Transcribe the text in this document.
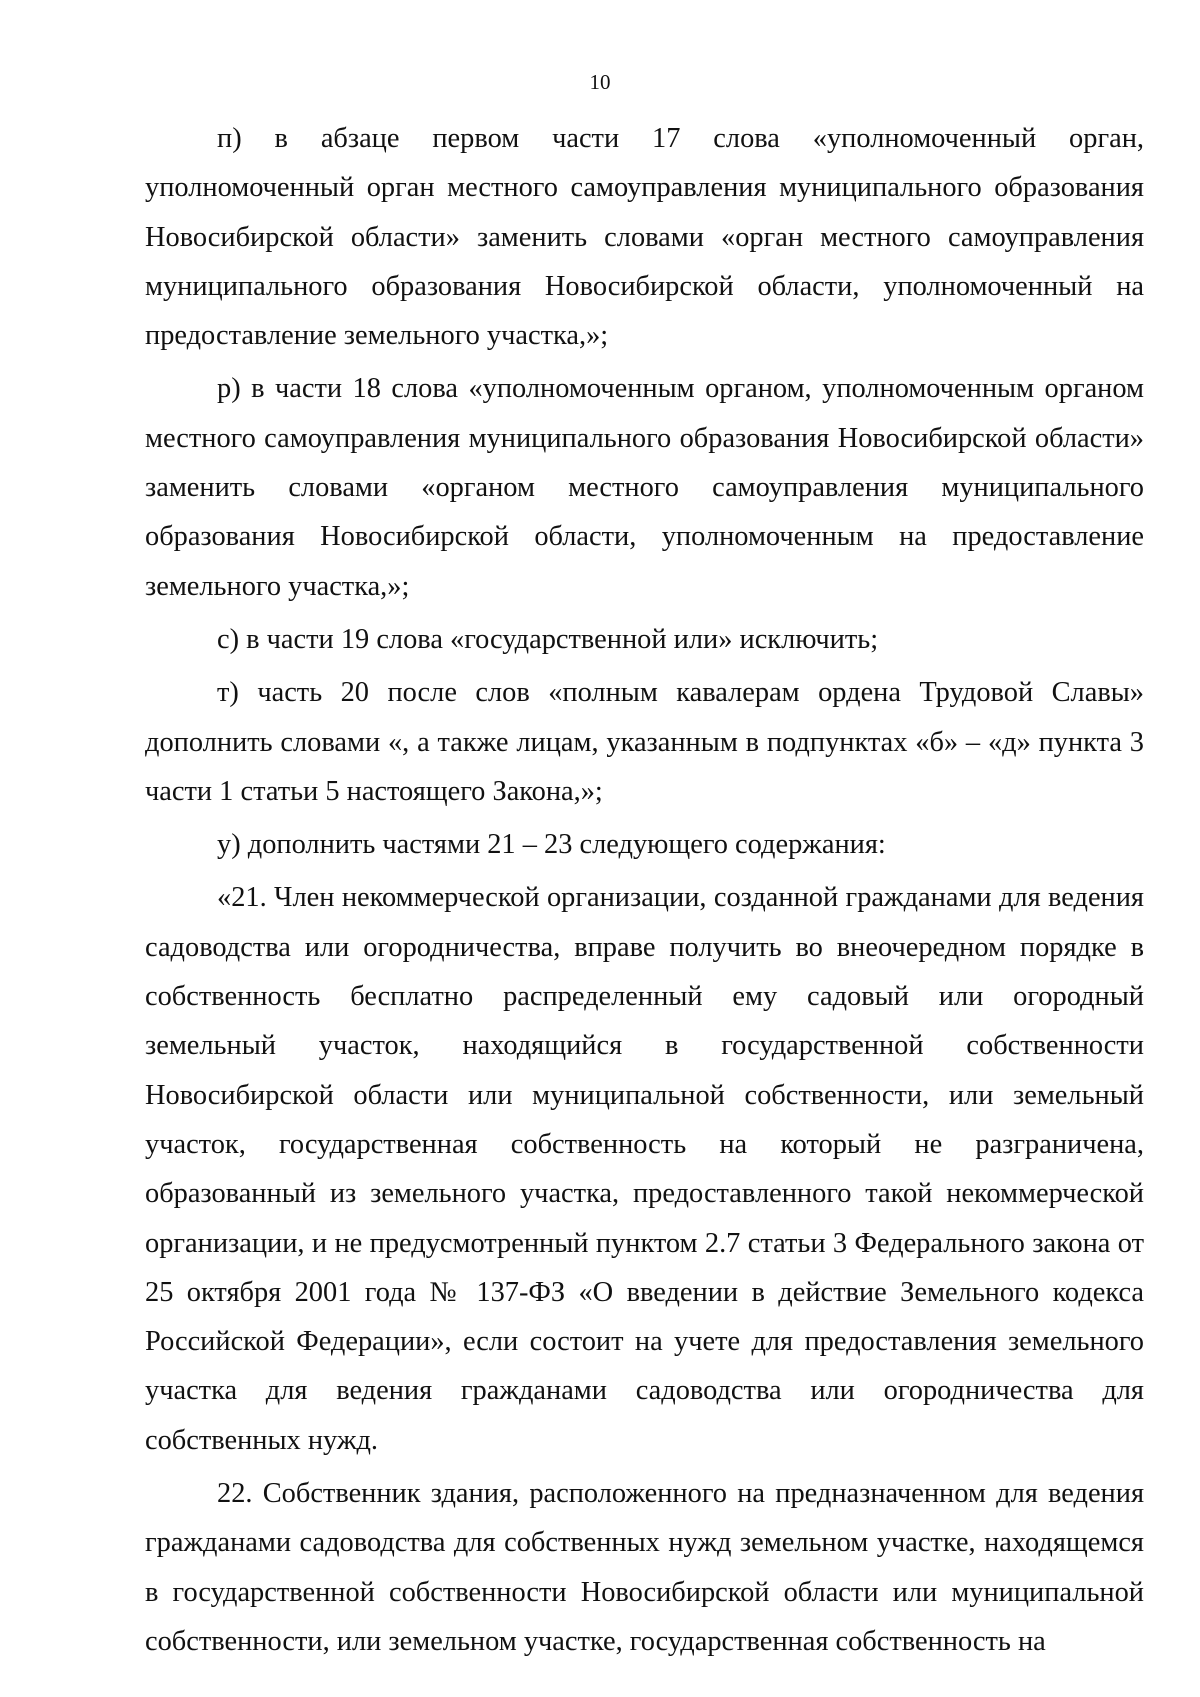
10

п) в абзаце первом части 17 слова «уполномоченный орган, уполномоченный орган местного самоуправления муниципального образования Новосибирской области» заменить словами «орган местного самоуправления муниципального образования Новосибирской области, уполномоченный на предоставление земельного участка,»;

р) в части 18 слова «уполномоченным органом, уполномоченным органом местного самоуправления муниципального образования Новосибирской области» заменить словами «органом местного самоуправления муниципального образования Новосибирской области, уполномоченным на предоставление земельного участка,»;

с) в части 19 слова «государственной или» исключить;

т) часть 20 после слов «полным кавалерам ордена Трудовой Славы» дополнить словами «, а также лицам, указанным в подпунктах «б» – «д» пункта 3 части 1 статьи 5 настоящего Закона,»;

у) дополнить частями 21 – 23 следующего содержания:

«21. Член некоммерческой организации, созданной гражданами для ведения садоводства или огородничества, вправе получить во внеочередном порядке в собственность бесплатно распределенный ему садовый или огородный земельный участок, находящийся в государственной собственности Новосибирской области или муниципальной собственности, или земельный участок, государственная собственность на который не разграничена, образованный из земельного участка, предоставленного такой некоммерческой организации, и не предусмотренный пунктом 2.7 статьи 3 Федерального закона от 25 октября 2001 года № 137-ФЗ «О введении в действие Земельного кодекса Российской Федерации», если состоит на учете для предоставления земельного участка для ведения гражданами садоводства или огородничества для собственных нужд.

22. Собственник здания, расположенного на предназначенном для ведения гражданами садоводства для собственных нужд земельном участке, находящемся в государственной собственности Новосибирской области или муниципальной собственности, или земельном участке, государственная собственность на
